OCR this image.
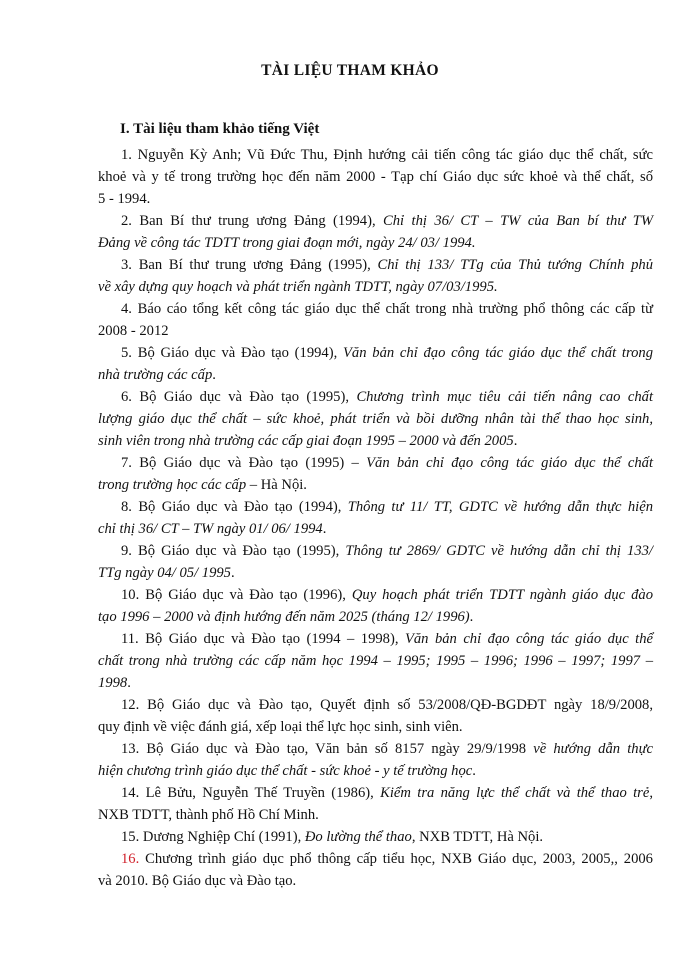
TÀI LIỆU THAM KHẢO
I. Tài liệu tham khảo tiếng Việt
1. Nguyễn Kỳ Anh; Vũ Đức Thu, Định hướng cải tiến công tác giáo dục thể chất, sức
khoẻ và y tế trong trường học đến năm 2000 - Tạp chí Giáo dục sức khoẻ và thể chất, số
5 - 1994.
2. Ban Bí thư trung ương Đảng (1994), Chỉ thị 36/ CT – TW của Ban bí thư TW
Đảng về công tác TDTT trong giai đoạn mới, ngày 24/ 03/ 1994.
3. Ban Bí thư trung ương Đảng (1995), Chỉ thị 133/ TTg của Thủ tướng Chính phủ
về xây dựng quy hoạch và phát triển ngành TDTT, ngày 07/03/1995.
4. Báo cáo tổng kết công tác giáo dục thể chất trong nhà trường phổ thông các cấp từ
2008 - 2012
5. Bộ Giáo dục và Đào tạo (1994), Văn bản chỉ đạo công tác giáo dục thể chất trong
nhà trường các cấp.
6. Bộ Giáo dục và Đào tạo (1995), Chương trình mục tiêu cải tiến nâng cao chất
lượng giáo dục thể chất – sức khoẻ, phát triển và bồi dưỡng nhân tài thể thao học sinh,
sinh viên trong nhà trường các cấp giai đoạn 1995 – 2000 và đến 2005.
7. Bộ Giáo dục và Đào tạo (1995) – Văn bản chỉ đạo công tác giáo dục thể chất
trong trường học các cấp – Hà Nội.
8. Bộ Giáo dục và Đào tạo (1994), Thông tư 11/ TT, GDTC về hướng dẫn thực hiện
chỉ thị 36/ CT – TW ngày 01/ 06/ 1994.
9. Bộ Giáo dục và Đào tạo (1995), Thông tư 2869/ GDTC về hướng dẫn chỉ thị 133/
TTg ngày 04/ 05/ 1995.
10. Bộ Giáo dục và Đào tạo (1996), Quy hoạch phát triển TDTT ngành giáo dục đào
tạo 1996 – 2000 và định hướng đến năm 2025 (tháng 12/ 1996).
11. Bộ Giáo dục và Đào tạo (1994 – 1998), Văn bản chỉ đạo công tác giáo dục thể
chất trong nhà trường các cấp năm học 1994 – 1995; 1995 – 1996; 1996 – 1997; 1997 –
1998.
12. Bộ Giáo dục và Đào tạo, Quyết định số 53/2008/QĐ-BGDĐT ngày 18/9/2008,
quy định về việc đánh giá, xếp loại thể lực học sinh, sinh viên.
13. Bộ Giáo dục và Đào tạo, Văn bản số 8157 ngày 29/9/1998 về hướng dẫn thực
hiện chương trình giáo dục thể chất - sức khoẻ - y tế trường học.
14. Lê Bửu, Nguyễn Thế Truyền (1986), Kiểm tra năng lực thể chất và thể thao trẻ,
NXB TDTT, thành phố Hồ Chí Minh.
15. Dương Nghiệp Chí (1991), Đo lường thể thao, NXB TDTT, Hà Nội.
16. Chương trình giáo dục phổ thông cấp tiểu học, NXB Giáo dục, 2003, 2005,, 2006
và 2010. Bộ Giáo dục và Đào tạo.
